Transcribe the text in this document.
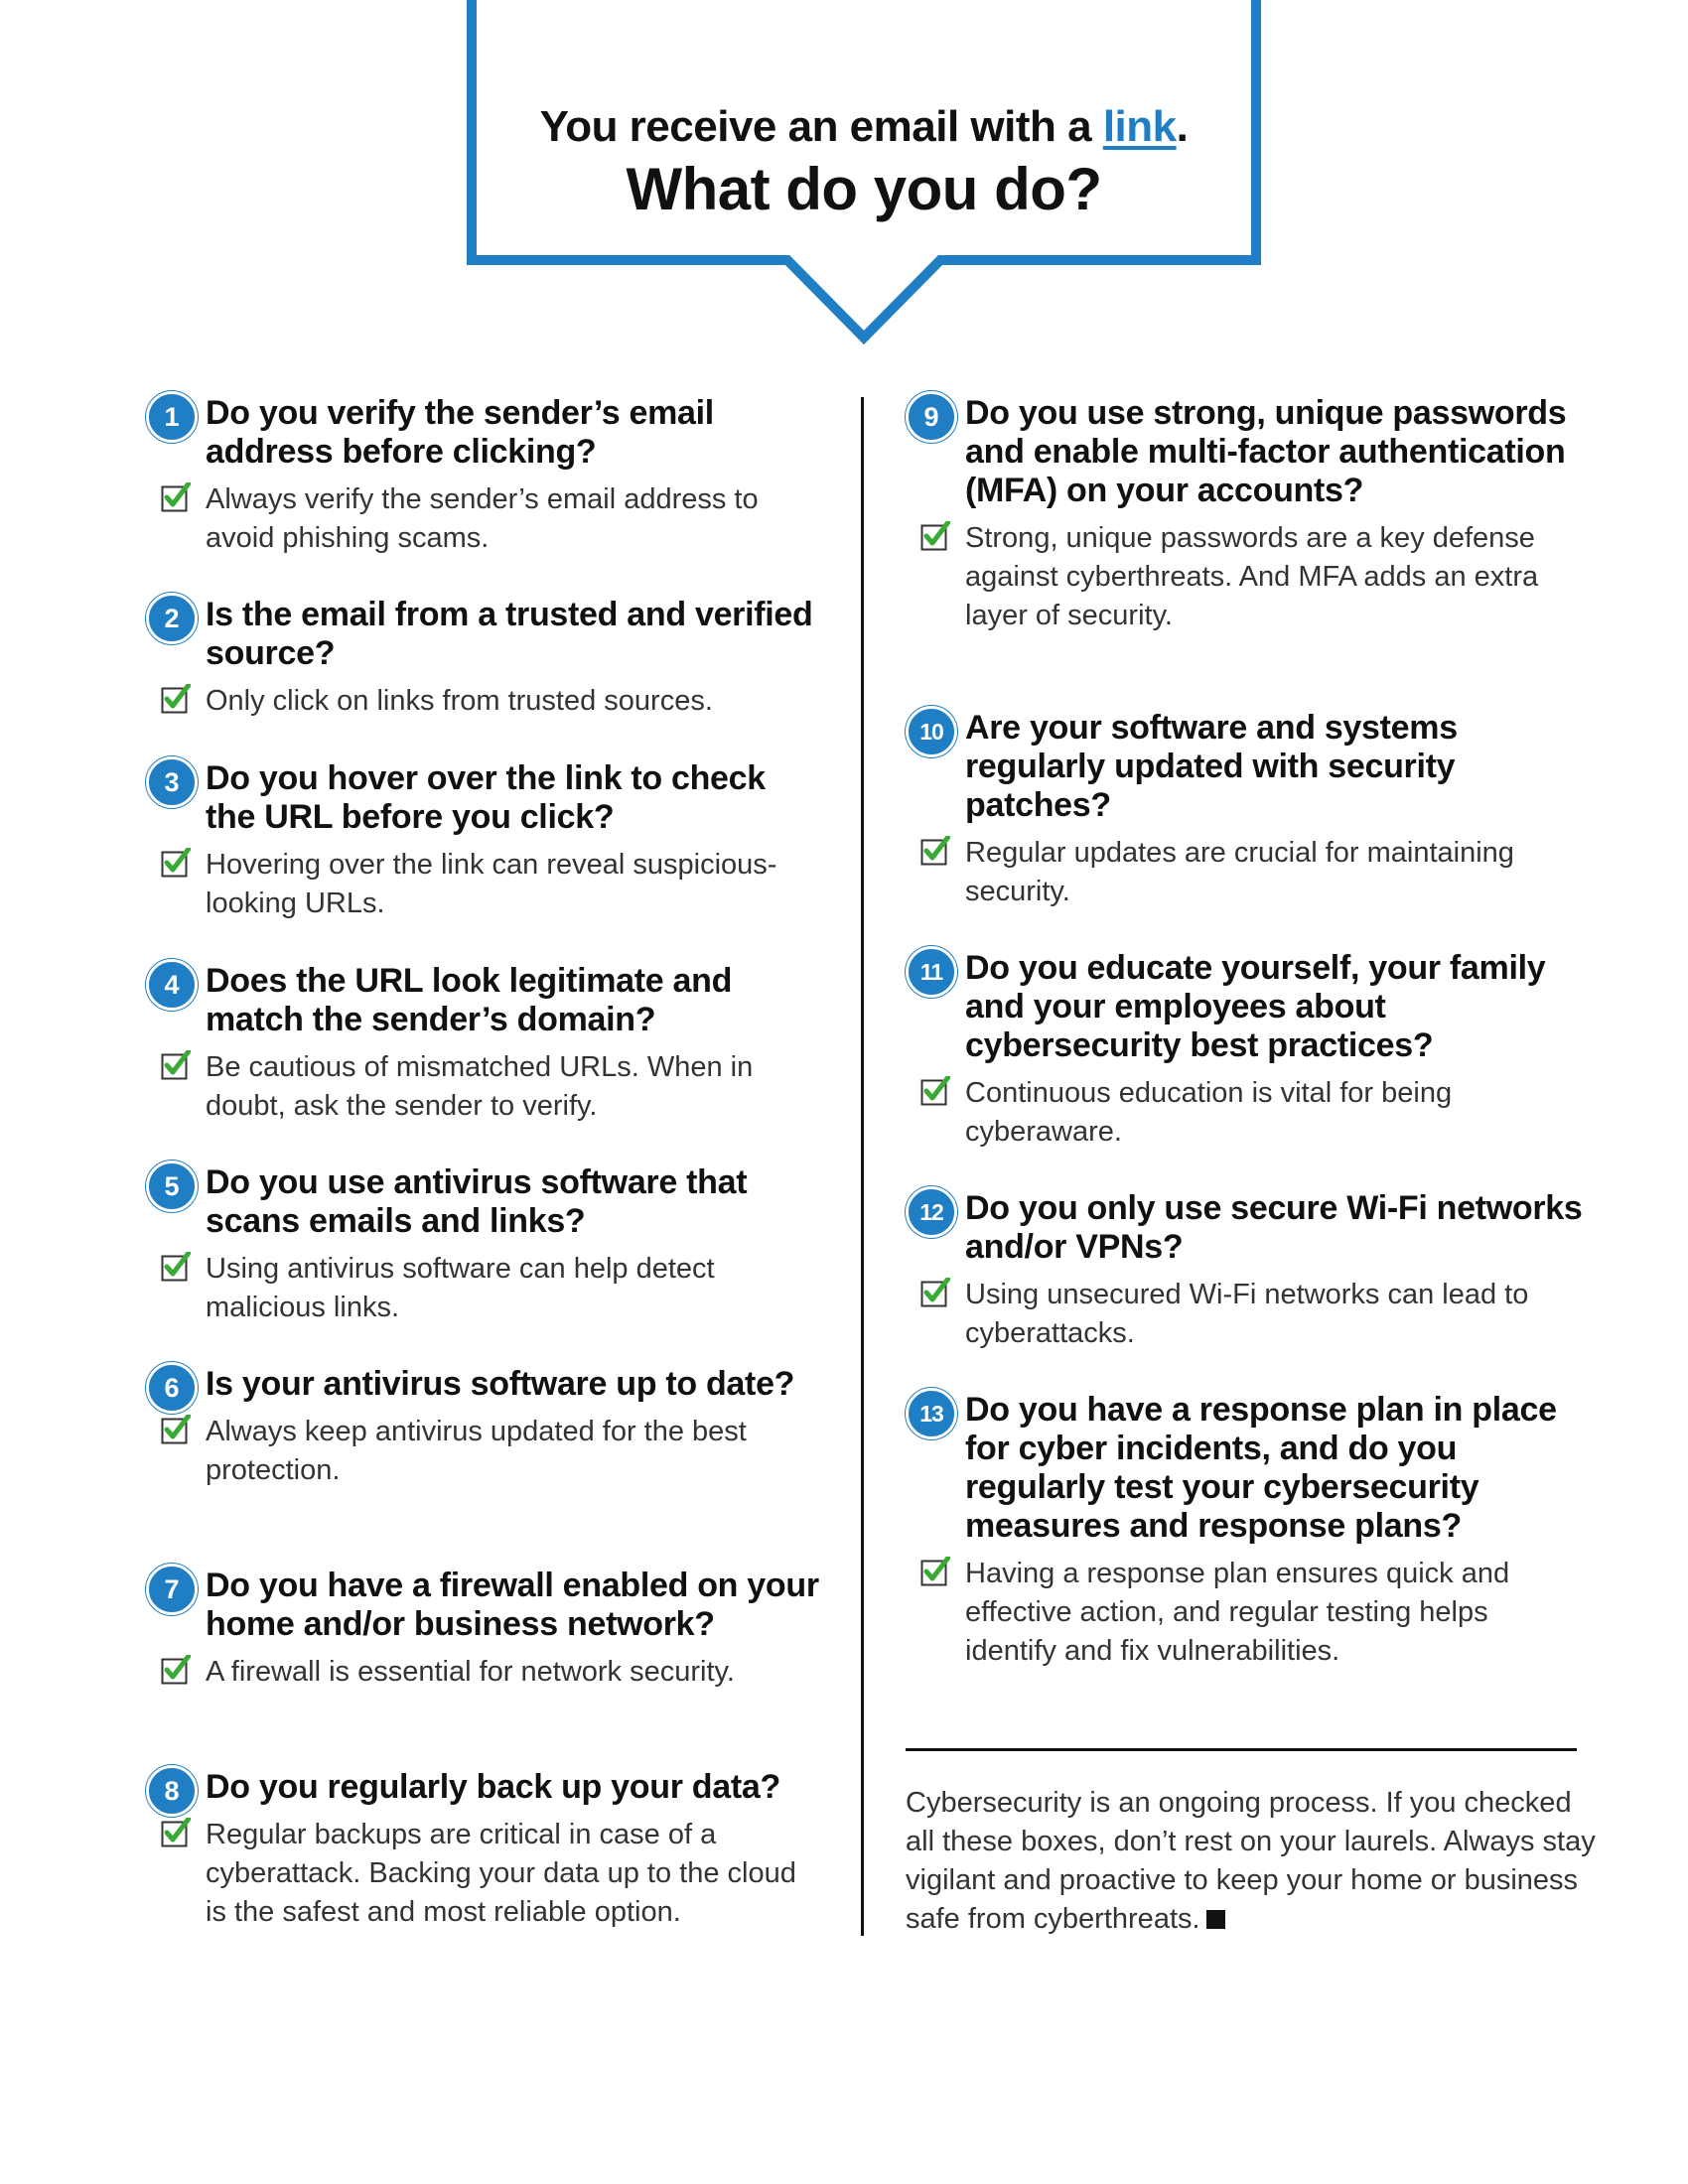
You receive an email with a link.
What do you do?
1 Do you verify the sender’s email address before clicking?
Always verify the sender’s email address to avoid phishing scams.
2 Is the email from a trusted and verified source?
Only click on links from trusted sources.
3 Do you hover over the link to check the URL before you click?
Hovering over the link can reveal suspicious-looking URLs.
4 Does the URL look legitimate and match the sender’s domain?
Be cautious of mismatched URLs. When in doubt, ask the sender to verify.
5 Do you use antivirus software that scans emails and links?
Using antivirus software can help detect malicious links.
6 Is your antivirus software up to date?
Always keep antivirus updated for the best protection.
7 Do you have a firewall enabled on your home and/or business network?
A firewall is essential for network security.
8 Do you regularly back up your data?
Regular backups are critical in case of a cyberattack. Backing your data up to the cloud is the safest and most reliable option.
9 Do you use strong, unique passwords and enable multi-factor authentication (MFA) on your accounts?
Strong, unique passwords are a key defense against cyberthreats. And MFA adds an extra layer of security.
10 Are your software and systems regularly updated with security patches?
Regular updates are crucial for maintaining security.
11 Do you educate yourself, your family and your employees about cybersecurity best practices?
Continuous education is vital for being cyberaware.
12 Do you only use secure Wi-Fi networks and/or VPNs?
Using unsecured Wi-Fi networks can lead to cyberattacks.
13 Do you have a response plan in place for cyber incidents, and do you regularly test your cybersecurity measures and response plans?
Having a response plan ensures quick and effective action, and regular testing helps identify and fix vulnerabilities.
Cybersecurity is an ongoing process. If you checked all these boxes, don’t rest on your laurels. Always stay vigilant and proactive to keep your home or business safe from cyberthreats.
